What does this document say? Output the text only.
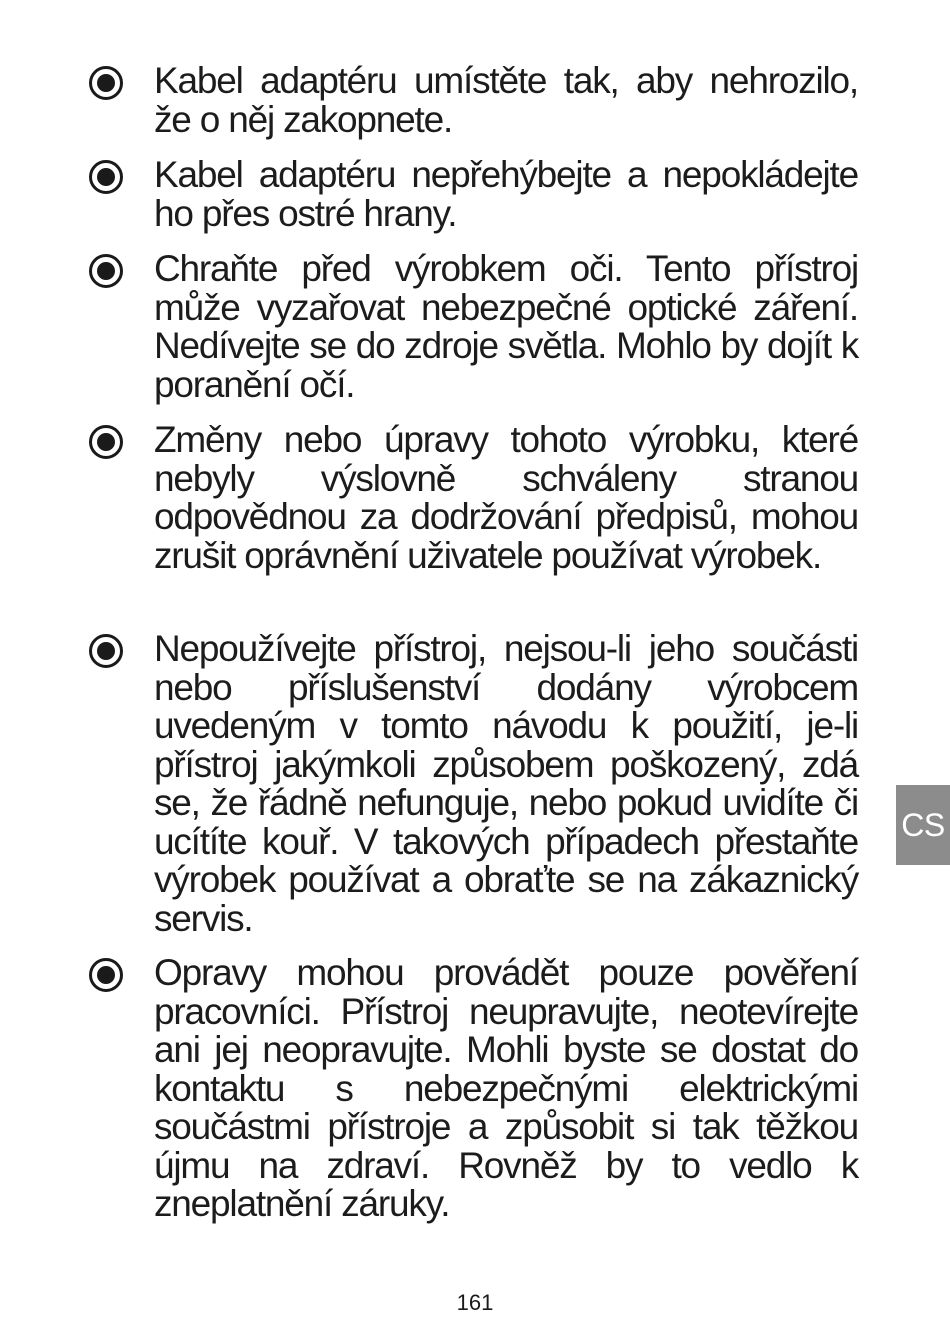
Kabel adaptéru umístěte tak, aby nehrozilo, že o něj zakopnete.
Kabel adaptéru nepřehýbejte a nepokládejte ho přes ostré hrany.
Chraňte před výrobkem oči. Tento přístroj může vyzařovat nebezpečné optické záření. Nedívejte se do zdroje světla. Mohlo by dojít k poranění očí.
Změny nebo úpravy tohoto výrobku, které nebyly výslovně schváleny stranou odpovědnou za dodržování předpisů, mohou zrušit oprávnění uživatele používat výrobek.
Nepoužívejte přístroj, nejsou-li jeho součásti nebo příslušenství dodány výrobcem uvedeným v tomto návodu k použití, je-li přístroj jakýmkoli způsobem poškozený, zdá se, že řádně nefunguje, nebo pokud uvidíte či ucítíte kouř. V takových případech přestaňte výrobek používat a obraťte se na zákaznický servis.
Opravy mohou provádět pouze pověření pracovníci. Přístroj neupravujte, neotevírejte ani jej neopravujte. Mohli byste se dostat do kontaktu s nebezpečnými elektrickými součástmi přístroje a způsobit si tak těžkou újmu na zdraví. Rovněž by to vedlo k zneplatnění záruky.
CS
161
